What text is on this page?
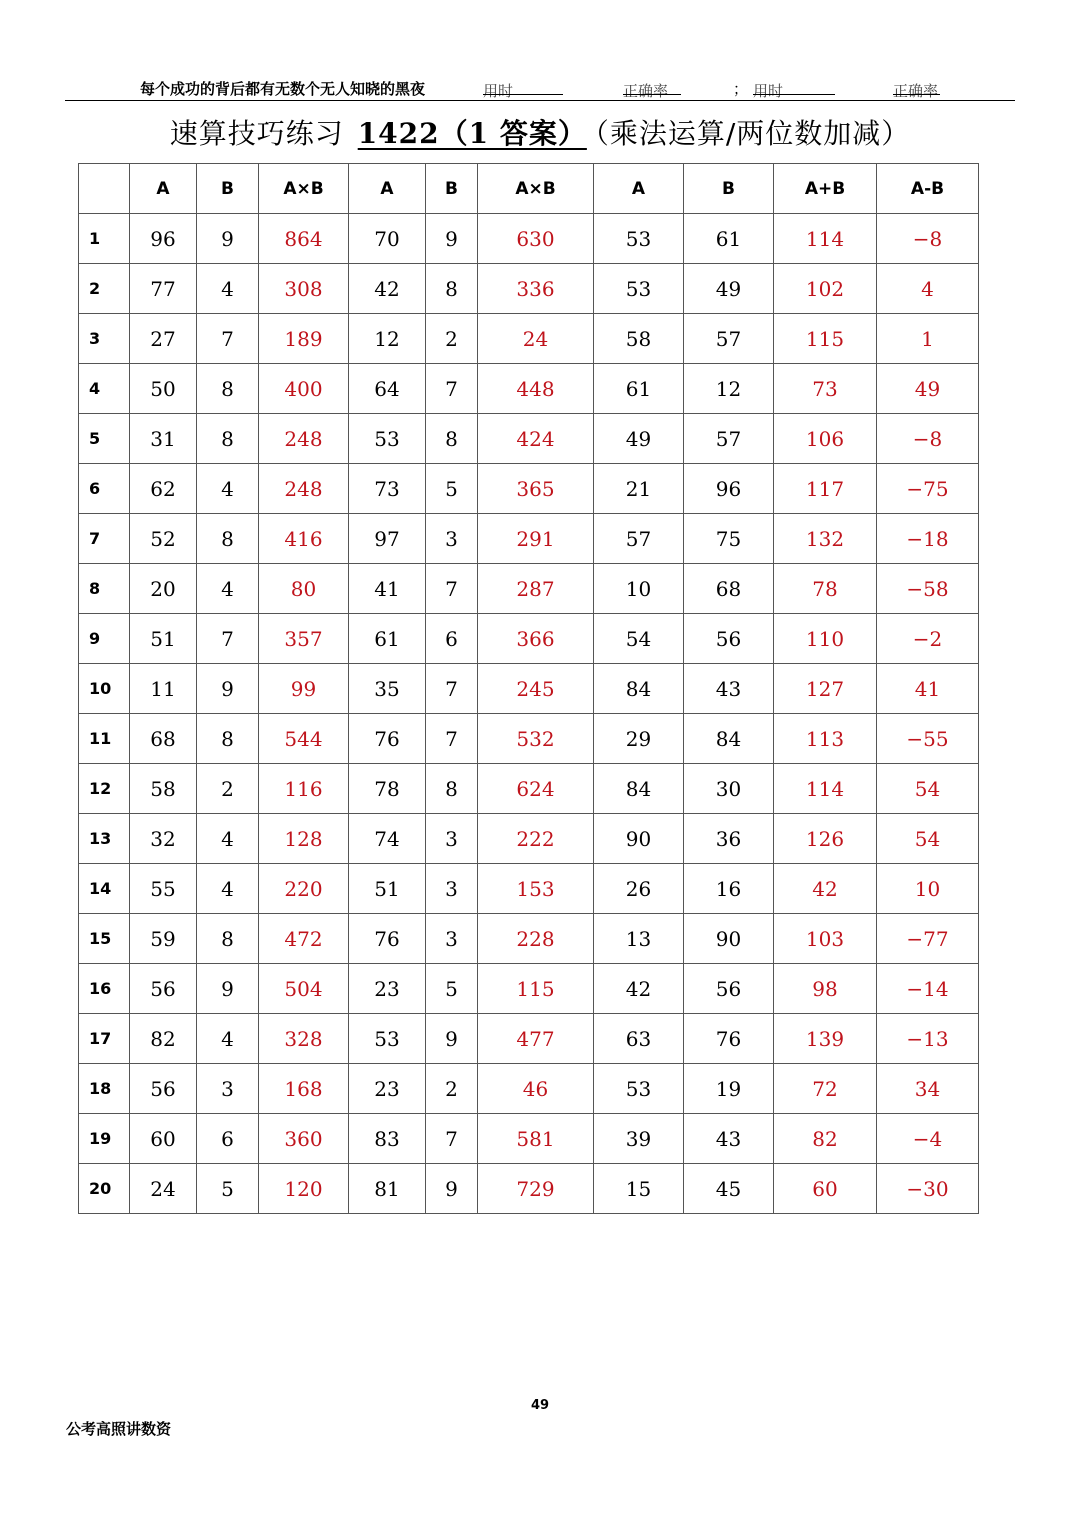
每个成功的背后都有无数个无人知晓的黑夜	用时	正确率	； 用时	正确率
速算技巧练习 1422（1 答案） （乘法运算/两位数加减）
	A	B	A×B	A	B	A×B	A	B	A+B	A-B
1	96	9	864	70	9	630	53	61	114	−8
2	77	4	308	42	8	336	53	49	102	4
3	27	7	189	12	2	24	58	57	115	1
4	50	8	400	64	7	448	61	12	73	49
5	31	8	248	53	8	424	49	57	106	−8
6	62	4	248	73	5	365	21	96	117	−75
7	52	8	416	97	3	291	57	75	132	−18
8	20	4	80	41	7	287	10	68	78	−58
9	51	7	357	61	6	366	54	56	110	−2
10	11	9	99	35	7	245	84	43	127	41
11	68	8	544	76	7	532	29	84	113	−55
12	58	2	116	78	8	624	84	30	114	54
13	32	4	128	74	3	222	90	36	126	54
14	55	4	220	51	3	153	26	16	42	10
15	59	8	472	76	3	228	13	90	103	−77
16	56	9	504	23	5	115	42	56	98	−14
17	82	4	328	53	9	477	63	76	139	−13
18	56	3	168	23	2	46	53	19	72	34
19	60	6	360	83	7	581	39	43	82	−4
20	24	5	120	81	9	729	15	45	60	−30
49
公考高照讲数资
